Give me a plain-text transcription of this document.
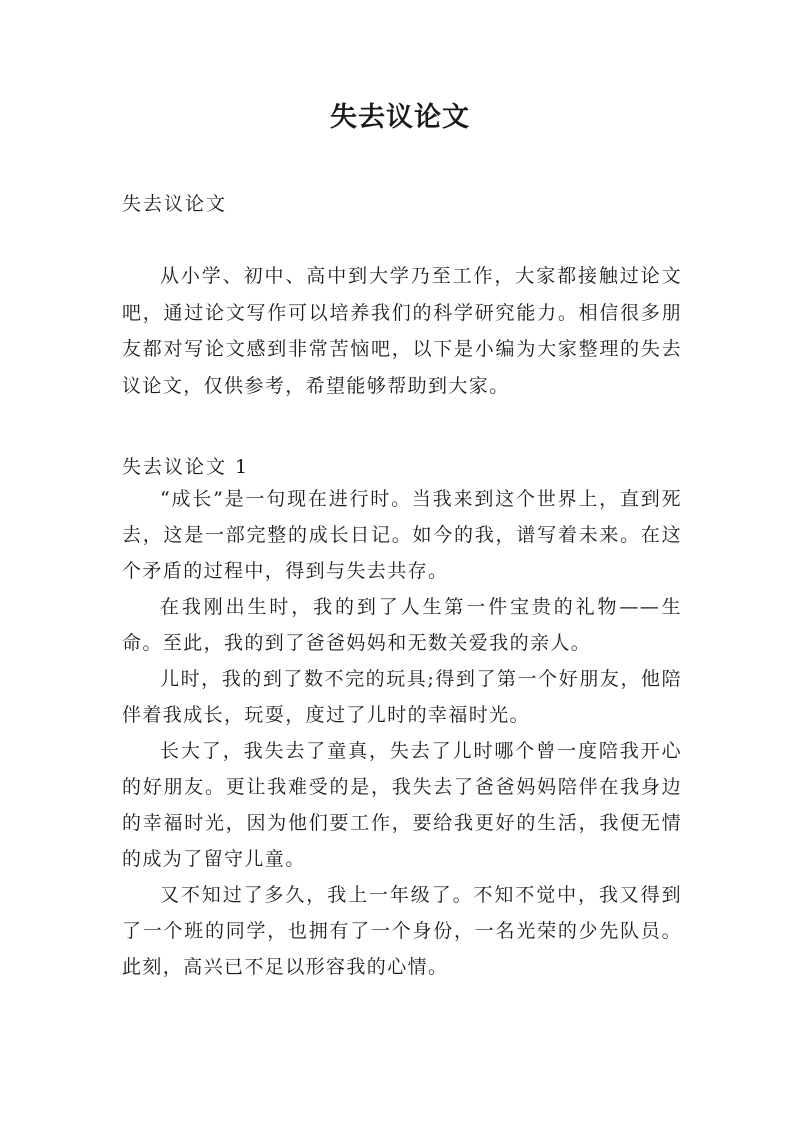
失去议论文
失去议论文

从小学、初中、高中到大学乃至工作，大家都接触过论文吧，通过论文写作可以培养我们的科学研究能力。相信很多朋友都对写论文感到非常苦恼吧，以下是小编为大家整理的失去议论文，仅供参考，希望能够帮助到大家。

失去议论文 1

“成长”是一句现在进行时。当我来到这个世界上，直到死去，这是一部完整的成长日记。如今的我，谱写着未来。在这个矛盾的过程中，得到与失去共存。

在我刚出生时，我的到了人生第一件宝贵的礼物——生命。至此，我的到了爸爸妈妈和无数关爱我的亲人。

儿时，我的到了数不完的玩具;得到了第一个好朋友，他陪伴着我成长，玩耍，度过了儿时的幸福时光。

长大了，我失去了童真，失去了儿时哪个曾一度陪我开心的好朋友。更让我难受的是，我失去了爸爸妈妈陪伴在我身边的幸福时光，因为他们要工作，要给我更好的生活，我便无情的成为了留守儿童。

又不知过了多久，我上一年级了。不知不觉中，我又得到了一个班的同学，也拥有了一个身份，一名光荣的少先队员。此刻，高兴已不足以形容我的心情。
